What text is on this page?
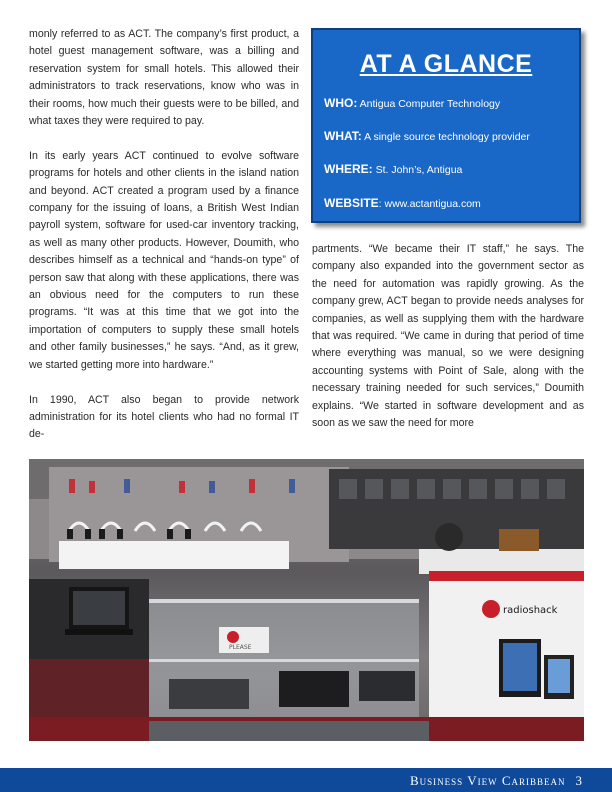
monly referred to as ACT. The company’s first product, a hotel guest management software, was a billing and reservation system for small hotels. This allowed their administrators to track reservations, know who was in their rooms, how much their guests were to be billed, and what taxes they were required to pay.

In its early years ACT continued to evolve software programs for hotels and other clients in the island nation and beyond. ACT created a program used by a finance company for the issuing of loans, a British West Indian payroll system, software for used-car inventory tracking, as well as many other products. However, Doumith, who describes himself as a technical and “hands-on type” of person saw that along with these applications, there was an obvious need for the computers to run these programs. “It was at this time that we got into the importation of computers to supply these small hotels and other family businesses,” he says. “And, as it grew, we started getting more into hardware.”

In 1990, ACT also began to provide network administration for its hotel clients who had no formal IT de-

AT A GLANCE
WHO: Antigua Computer Technology
WHAT: A single source technology provider
WHERE: St. John’s, Antigua
WEBSITE: www.actantigua.com

partments. “We became their IT staff,” he says. The company also expanded into the government sector as the need for automation was rapidly growing. As the company grew, ACT began to provide needs analyses for companies, as well as supplying them with the hardware that was required. “We came in during that period of time where everything was manual, so we were designing accounting systems with Point of Sale, along with the necessary training needed for such services,” Doumith explains. “We started in software development and as soon as we saw the need for more

radioshack
PLEASE
Business View Caribbean 3
